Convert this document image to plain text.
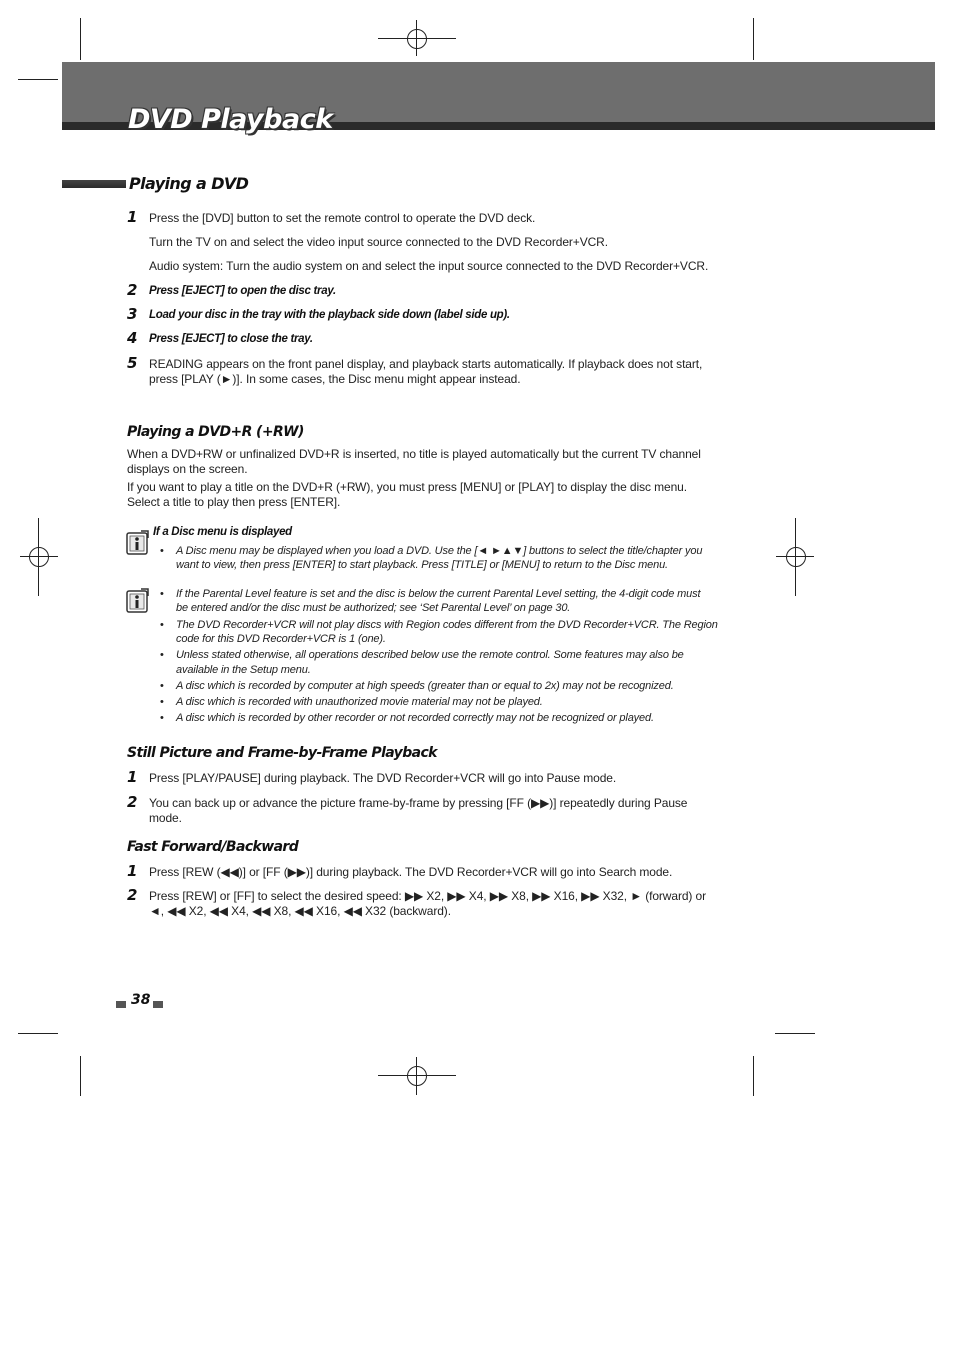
DVD Playback
Playing a DVD
1 Press the [DVD] button to set the remote control to operate the DVD deck.
Turn the TV on and select the video input source connected to the DVD Recorder+VCR.
Audio system: Turn the audio system on and select the input source connected to the DVD Recorder+VCR.
2	Press [EJECT] to open the disc tray.
3	Load your disc in the tray with the playback side down (label side up).
4	Press [EJECT] to close the tray.
5 READING appears on the front panel display, and playback starts automatically. If playback does not start,
press [PLAY (►)]. In some cases, the Disc menu might appear instead.
Playing a DVD+R (+RW)
When a DVD+RW or unfinalized DVD+R is inserted, no title is played automatically but the current TV channel
displays on the screen.
If you want to play a title on the DVD+R (+RW), you must press [MENU] or [PLAY] to display the disc menu.
Select a title to play then press [ENTER].
If a Disc menu is displayed
• A Disc menu may be displayed when you load a DVD. Use the [◄ ►▲▼] buttons to select the title/chapter you
want to view, then press [ENTER] to start playback. Press [TITLE] or [MENU] to return to the Disc menu.
• If the Parental Level feature is set and the disc is below the current Parental Level setting, the 4-digit code must
be entered and/or the disc must be authorized; see ‘Set Parental Level’ on page 30.
• The DVD Recorder+VCR will not play discs with Region codes different from the DVD Recorder+VCR. The Region
code for this DVD Recorder+VCR is 1 (one).
• Unless stated otherwise, all operations described below use the remote control. Some features may also be
available in the Setup menu.
• A disc which is recorded by computer at high speeds (greater than or equal to 2x) may not be recognized.
• A disc which is recorded with unauthorized movie material may not be played.
• A disc which is recorded by other recorder or not recorded correctly may not be recognized or played.
Still Picture and Frame-by-Frame Playback
1 Press [PLAY/PAUSE] during playback. The DVD Recorder+VCR will go into Pause mode.
2 You can back up or advance the picture frame-by-frame by pressing [FF (▶▶)] repeatedly during Pause
mode.
Fast Forward/Backward
1 Press [REW (◀◀)] or [FF (▶▶)] during playback. The DVD Recorder+VCR will go into Search mode.
2 Press [REW] or [FF] to select the desired speed: ▶▶ X2, ▶▶ X4, ▶▶ X8, ▶▶ X16, ▶▶ X32, ► (forward) or
◄, ◀◀ X2, ◀◀ X4, ◀◀ X8, ◀◀ X16, ◀◀ X32 (backward).
38
